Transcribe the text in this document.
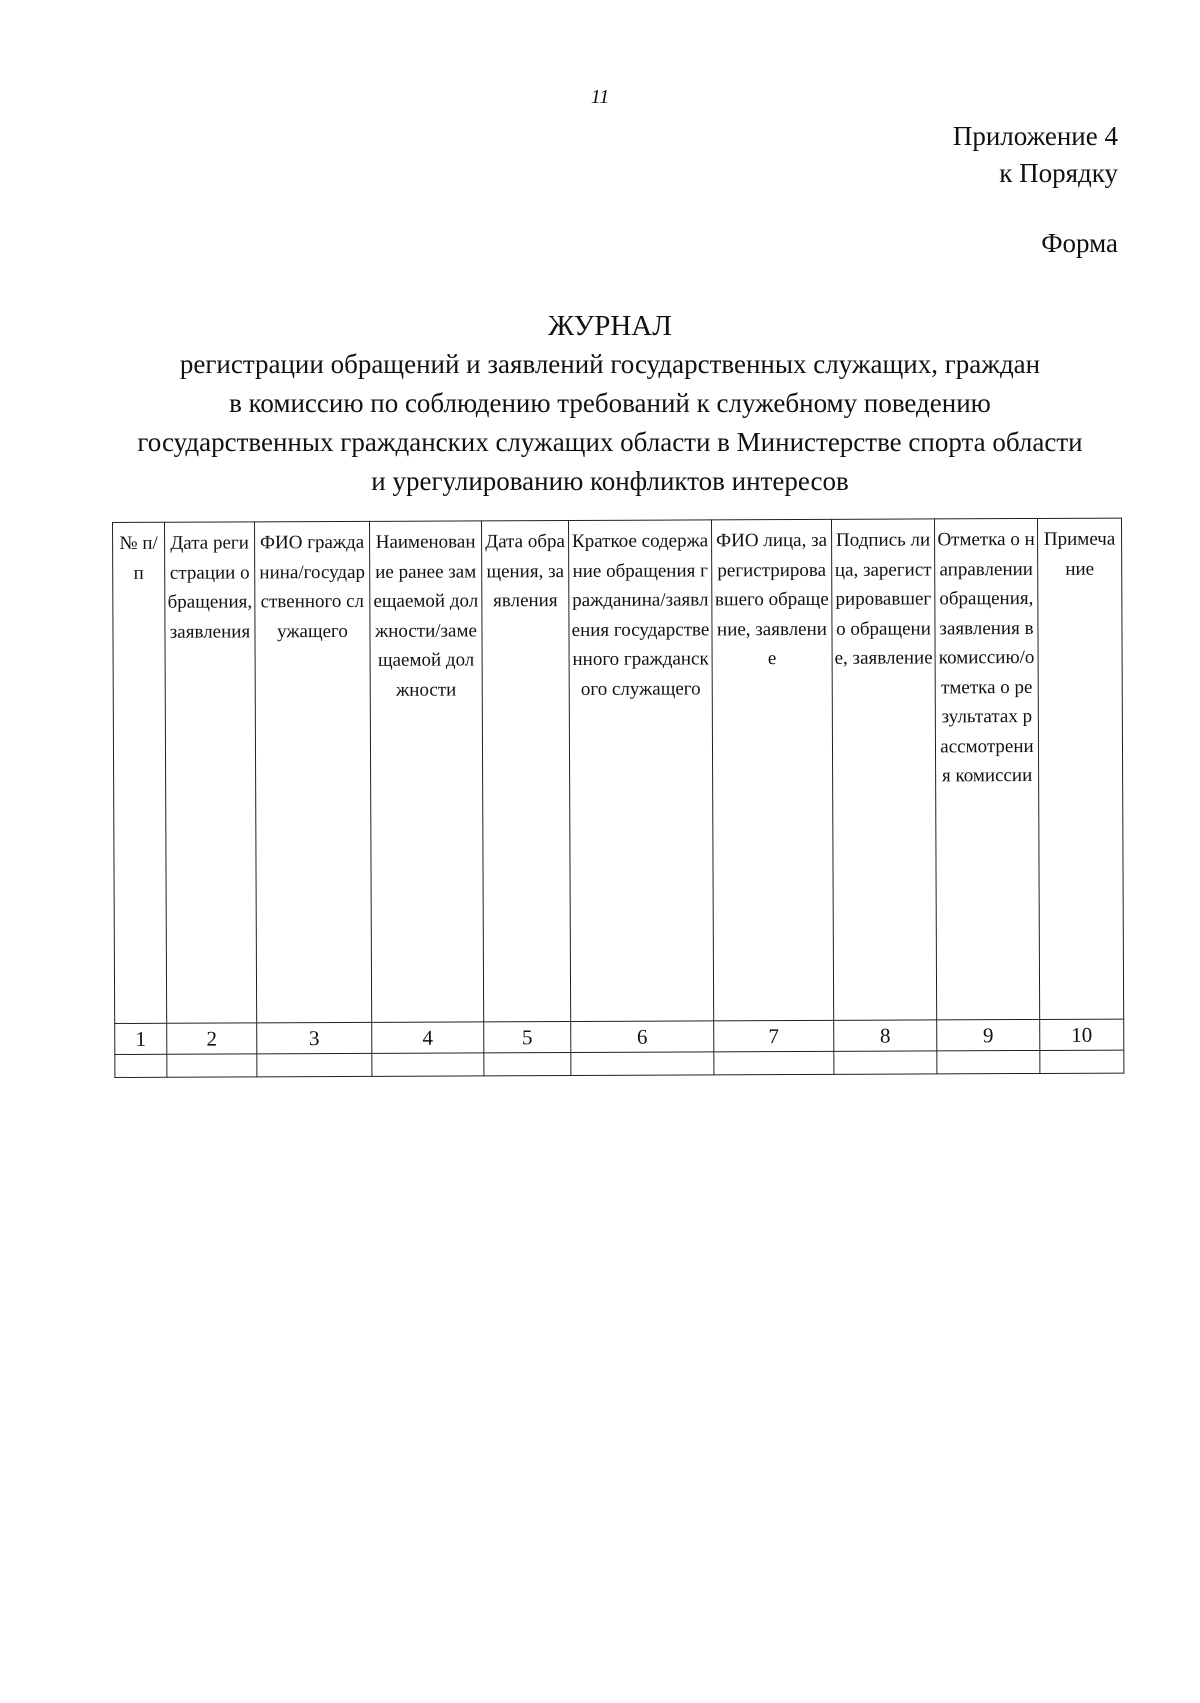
11
Приложение 4
к Порядку
Форма
ЖУРНАЛ
регистрации обращений и заявлений государственных служащих, граждан
в комиссию по соблюдению требований к служебному поведению
государственных гражданских служащих области в Министерстве спорта области
и урегулированию конфликтов интересов
№ п/п	Дата регистрации обращения, заявления	ФИО гражданина/государственного служащего	Наименование ранее замещаемой должности/замещаемой должности	Дата обращения, заявления	Краткое содержание обращения гражданина/заявления государственного гражданского служащего	ФИО лица, зарегистрировавшего обращение, заявление	Подпись лица, зарегистрировавшего обращение, заявление	Отметка о направлении обращения, заявления в комиссию/отметка о результатах рассмотрения комиссии	Примечание
1	2	3	4	5	6	7	8	9	10
